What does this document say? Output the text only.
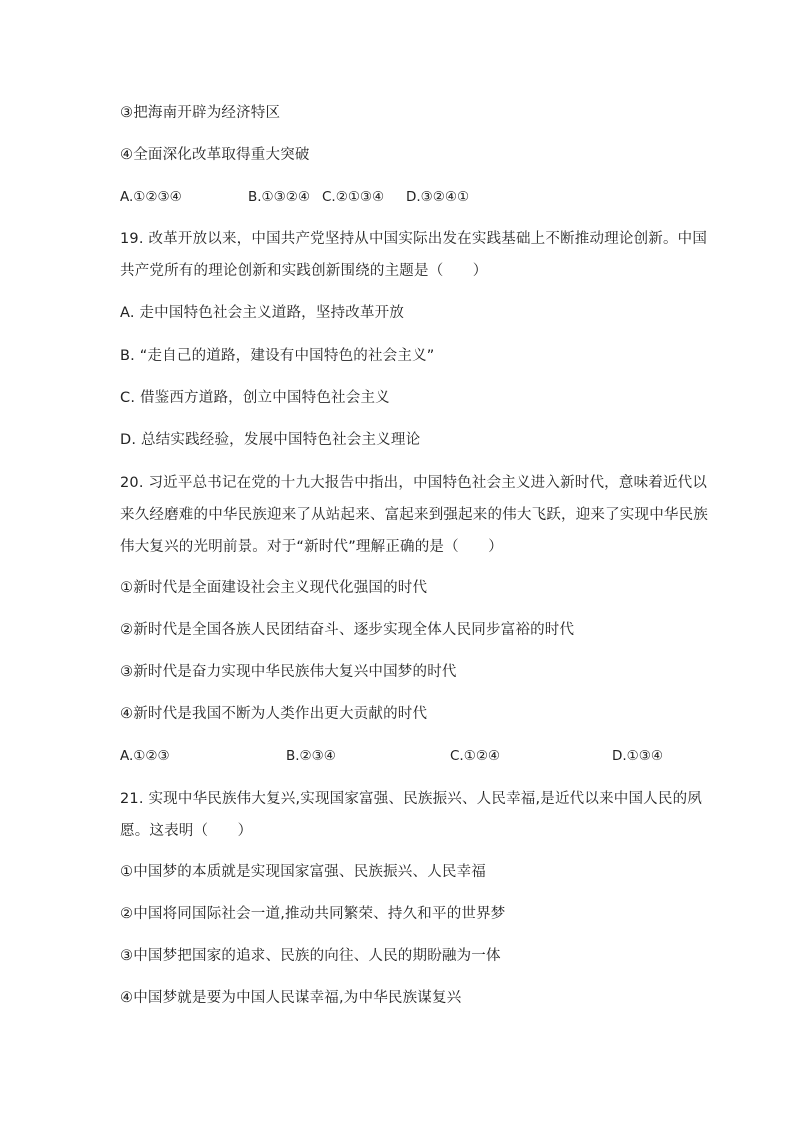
③把海南开辟为经济特区
④全面深化改革取得重大突破
A.①②③④	B.①③②④ C.②①③④ D.③②④①
19. 改革开放以来，中国共产党坚持从中国实际出发在实践基础上不断推动理论创新。中国
共产党所有的理论创新和实践创新围绕的主题是（　　）
A. 走中国特色社会主义道路，坚持改革开放
B. “走自己的道路，建设有中国特色的社会主义”
C. 借鉴西方道路，创立中国特色社会主义
D. 总结实践经验，发展中国特色社会主义理论
20. 习近平总书记在党的十九大报告中指出，中国特色社会主义进入新时代，意味着近代以
来久经磨难的中华民族迎来了从站起来、富起来到强起来的伟大飞跃，迎来了实现中华民族
伟大复兴的光明前景。对于“新时代”理解正确的是（　　）
①新时代是全面建设社会主义现代化强国的时代
②新时代是全国各族人民团结奋斗、逐步实现全体人民同步富裕的时代
③新时代是奋力实现中华民族伟大复兴中国梦的时代
④新时代是我国不断为人类作出更大贡献的时代
A.①②③	B.②③④	C.①②④	D.①③④
21. 实现中华民族伟大复兴,实现国家富强、民族振兴、人民幸福,是近代以来中国人民的夙
愿。这表明（　　）
①中国梦的本质就是实现国家富强、民族振兴、人民幸福
②中国将同国际社会一道,推动共同繁荣、持久和平的世界梦
③中国梦把国家的追求、民族的向往、人民的期盼融为一体
④中国梦就是要为中国人民谋幸福,为中华民族谋复兴
